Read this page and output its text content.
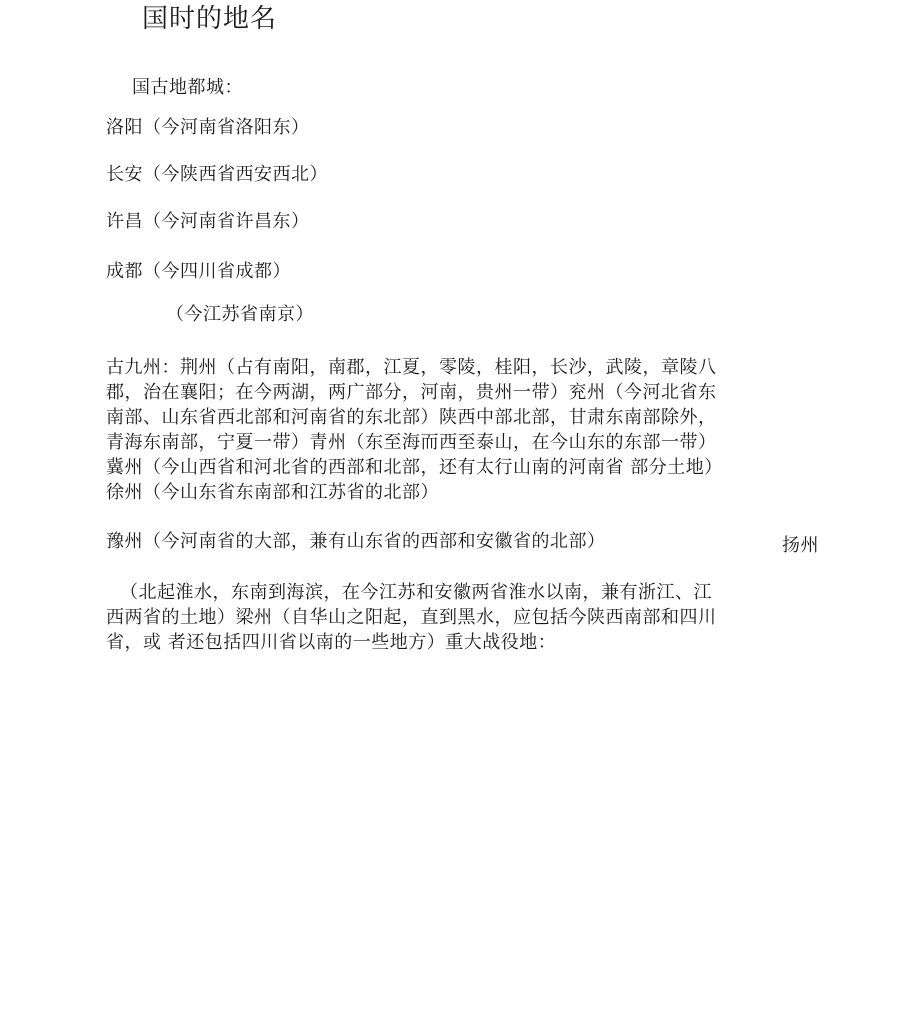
国时的地名
国古地都城：
洛阳（今河南省洛阳东）
长安（今陕西省西安西北）
许昌（今河南省许昌东）
成都（今四川省成都）
（今江苏省南京）
古九州：荆州（占有南阳，南郡，江夏，零陵，桂阳，长沙，武陵，章陵八
郡，治在襄阳；在今两湖，两广部分，河南，贵州一带）兖州（今河北省东
南部、山东省西北部和河南省的东北部）陕西中部北部，甘肃东南部除外，
青海东南部，宁夏一带）青州（东至海而西至泰山，在今山东的东部一带）
冀州（今山西省和河北省的西部和北部，还有太行山南的河南省 部分土地）
徐州（今山东省东南部和江苏省的北部）
豫州（今河南省的大部，兼有山东省的西部和安徽省的北部）	扬州
（北起淮水，东南到海滨，在今江苏和安徽两省淮水以南，兼有浙江、江
西两省的土地）梁州（自华山之阳起，直到黑水，应包括今陕西南部和四川
省，或 者还包括四川省以南的一些地方）重大战役地：
